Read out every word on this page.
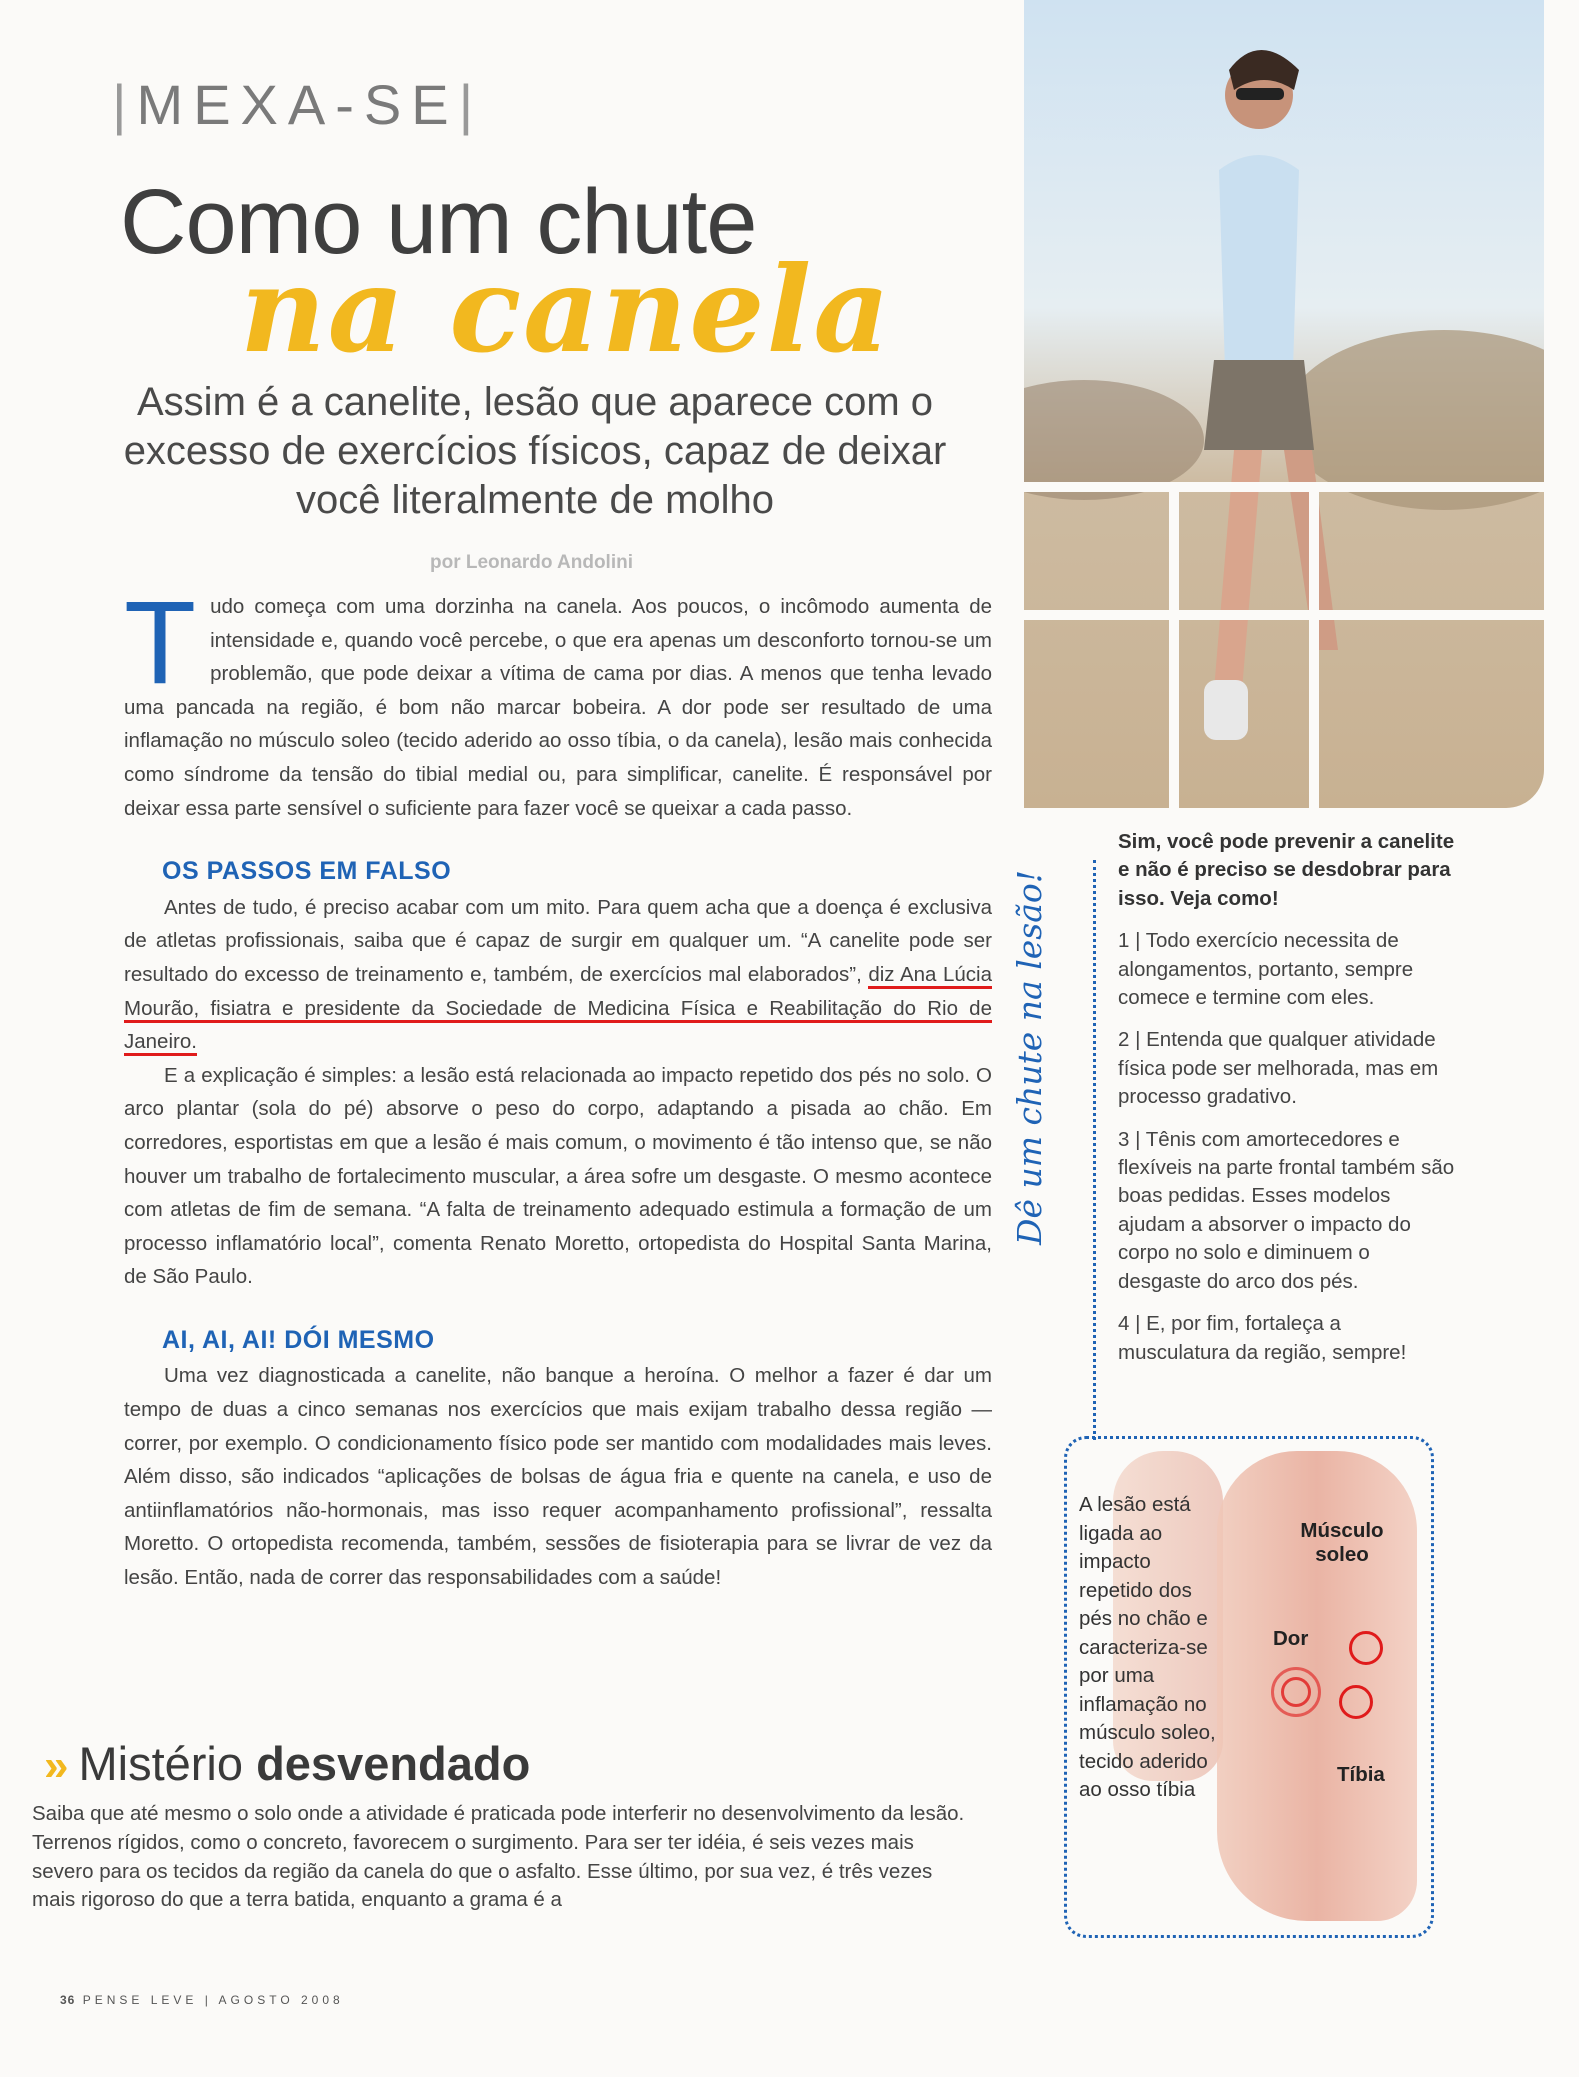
|MEXA-SE|
Como um chute
na canela
Assim é a canelite, lesão que aparece com o excesso de exercícios físicos, capaz de deixar você literalmente de molho
por Leonardo Andolini

Tudo começa com uma dorzinha na canela. Aos poucos, o incômodo aumenta de intensidade e, quando você percebe, o que era apenas um desconforto tornou-se um problemão, que pode deixar a vítima de cama por dias. A menos que tenha levado uma pancada na região, é bom não marcar bobeira. A dor pode ser resultado de uma inflamação no músculo soleo (tecido aderido ao osso tíbia, o da canela), lesão mais conhecida como síndrome da tensão do tibial medial ou, para simplificar, canelite. É responsável por deixar essa parte sensível o suficiente para fazer você se queixar a cada passo.

OS PASSOS EM FALSO

Antes de tudo, é preciso acabar com um mito. Para quem acha que a doença é exclusiva de atletas profissionais, saiba que é capaz de surgir em qualquer um. “A canelite pode ser resultado do excesso de treinamento e, também, de exercícios mal elaborados”, diz Ana Lúcia Mourão, fisiatra e presidente da Sociedade de Medicina Física e Reabilitação do Rio de Janeiro.

E a explicação é simples: a lesão está relacionada ao impacto repetido dos pés no solo. O arco plantar (sola do pé) absorve o peso do corpo, adaptando a pisada ao chão. Em corredores, esportistas em que a lesão é mais comum, o movimento é tão intenso que, se não houver um trabalho de fortalecimento muscular, a área sofre um desgaste. O mesmo acontece com atletas de fim de semana. “A falta de treinamento adequado estimula a formação de um processo inflamatório local”, comenta Renato Moretto, ortopedista do Hospital Santa Marina, de São Paulo.

AI, AI, AI! DÓI MESMO

Uma vez diagnosticada a canelite, não banque a heroína. O melhor a fazer é dar um tempo de duas a cinco semanas nos exercícios que mais exijam trabalho dessa região — correr, por exemplo. O condicionamento físico pode ser mantido com modalidades mais leves. Além disso, são indicados “aplicações de bolsas de água fria e quente na canela, e uso de antiinflamatórios não-hormonais, mas isso requer acompanhamento profissional”, ressalta Moretto. O ortopedista recomenda, também, sessões de fisioterapia para se livrar de vez da lesão. Então, nada de correr das responsabilidades com a saúde!

» Mistério desvendado
Saiba que até mesmo o solo onde a atividade é praticada pode interferir no desenvolvimento da lesão. Terrenos rígidos, como o concreto, favorecem o surgimento. Para ser ter idéia, é seis vezes mais severo para os tecidos da região da canela do que o asfalto. Esse último, por sua vez, é três vezes mais rigoroso do que a terra batida, enquanto a grama é a
Dê um chute na lesão!

Sim, você pode prevenir a canelite e não é preciso se desdobrar para isso. Veja como!

1 | Todo exercício necessita de alongamentos, portanto, sempre comece e termine com eles.

2 | Entenda que qualquer atividade física pode ser melhorada, mas em processo gradativo.

3 | Tênis com amortecedores e flexíveis na parte frontal também são boas pedidas. Esses modelos ajudam a absorver o impacto do corpo no solo e diminuem o desgaste do arco dos pés.

4 | E, por fim, fortaleça a musculatura da região, sempre!

A lesão está ligada ao impacto repetido dos pés no chão e caracteriza-se por uma inflamação no músculo soleo, tecido aderido ao osso tíbia
Músculo soleo
Dor
Tíbia
36 PENSE LEVE | AGOSTO 2008
